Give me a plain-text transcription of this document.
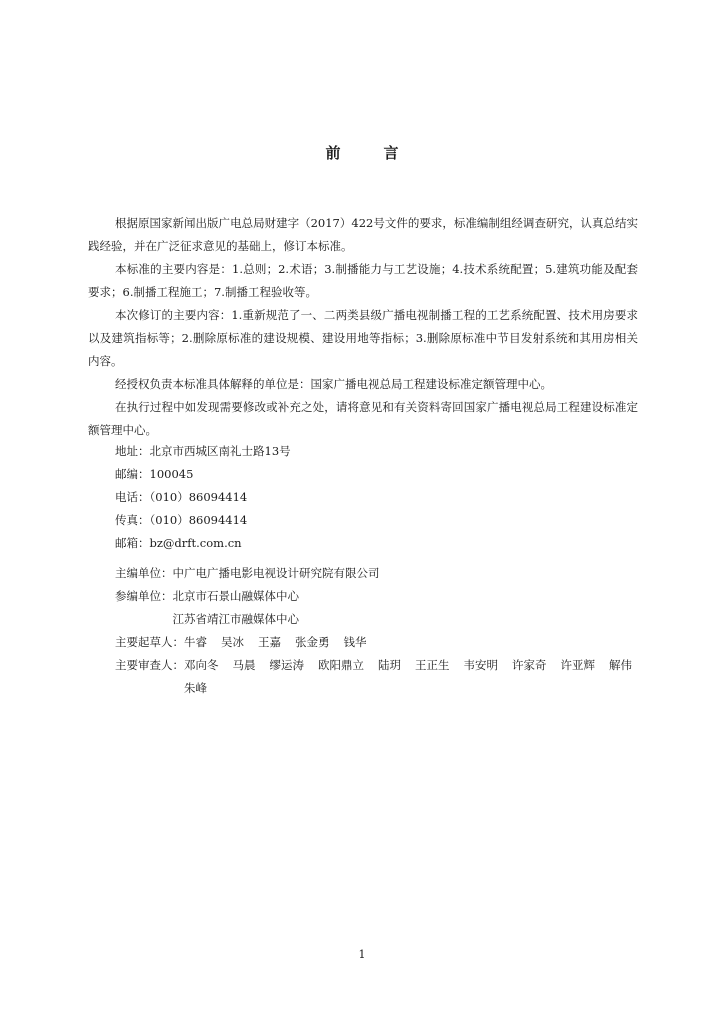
前　言

根据原国家新闻出版广电总局财建字（2017）422号文件的要求，标准编制组经调查研究，认真总结实践经验，并在广泛征求意见的基础上，修订本标准。

本标准的主要内容是：1.总则；2.术语；3.制播能力与工艺设施；4.技术系统配置；5.建筑功能及配套要求；6.制播工程施工；7.制播工程验收等。

本次修订的主要内容：1.重新规范了一、二两类县级广播电视制播工程的工艺系统配置、技术用房要求以及建筑指标等；2.删除原标准的建设规模、建设用地等指标；3.删除原标准中节目发射系统和其用房相关内容。

经授权负责本标准具体解释的单位是：国家广播电视总局工程建设标准定额管理中心。

在执行过程中如发现需要修改或补充之处，请将意见和有关资料寄回国家广播电视总局工程建设标准定额管理中心。

地址：北京市西城区南礼士路13号
邮编：100045
电话：（010）86094414
传真：（010）86094414
邮箱：bz@drft.com.cn
主编单位： 中广电广播电影电视设计研究院有限公司
参编单位： 北京市石景山融媒体中心
江苏省靖江市融媒体中心
主要起草人： 牛睿 吴冰 王嘉 张金勇 钱华
主要审查人： 邓向冬 马晨 缪运涛 欧阳鼎立 陆玥 王正生 韦安明 许家奇 许亚辉 解伟
朱峰
1
